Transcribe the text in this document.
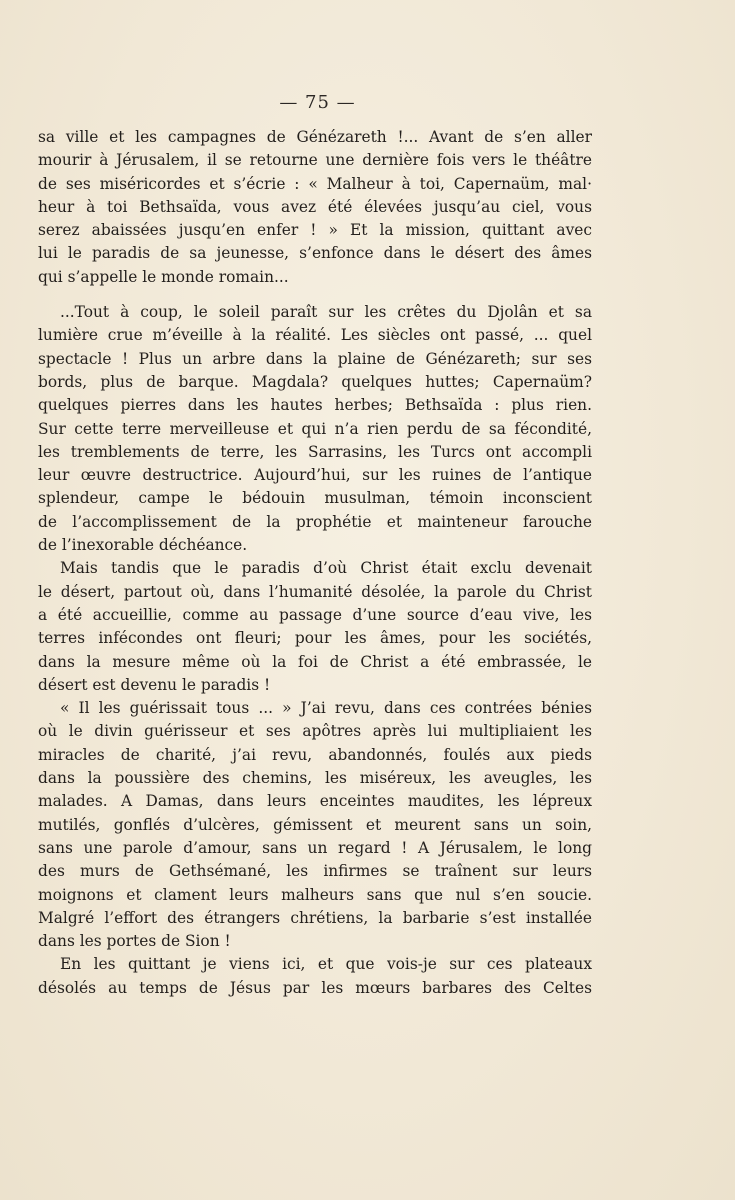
— 75 —
sa ville et les campagnes de Génézareth !... Avant de s’en aller
mourir à Jérusalem, il se retourne une dernière fois vers le théâtre
de ses miséricordes et s’écrie : « Malheur à toi, Capernaüm, mal·
heur à toi Bethsaïda, vous avez été élevées jusqu’au ciel, vous
serez abaissées jusqu’en enfer ! » Et la mission, quittant avec
lui le paradis de sa jeunesse, s’enfonce dans le désert des âmes
qui s’appelle le monde romain...
...Tout à coup, le soleil paraît sur les crêtes du Djolân et sa
lumière crue m’éveille à la réalité. Les siècles ont passé, ... quel
spectacle ! Plus un arbre dans la plaine de Génézareth; sur ses
bords, plus de barque. Magdala? quelques huttes; Capernaüm?
quelques pierres dans les hautes herbes; Bethsaïda : plus rien.
Sur cette terre merveilleuse et qui n’a rien perdu de sa fécondité,
les tremblements de terre, les Sarrasins, les Turcs ont accompli
leur œuvre destructrice. Aujourd’hui, sur les ruines de l’antique
splendeur, campe le bédouin musulman, témoin inconscient
de l’accomplissement de la prophétie et mainteneur farouche
de l’inexorable déchéance.
Mais tandis que le paradis d’où Christ était exclu devenait
le désert, partout où, dans l’humanité désolée, la parole du Christ
a été accueillie, comme au passage d’une source d’eau vive, les
terres infécondes ont fleuri; pour les âmes, pour les sociétés,
dans la mesure même où la foi de Christ a été embrassée, le
désert est devenu le paradis !
« Il les guérissait tous ... » J’ai revu, dans ces contrées bénies
où le divin guérisseur et ses apôtres après lui multipliaient les
miracles de charité, j’ai revu, abandonnés, foulés aux pieds
dans la poussière des chemins, les miséreux, les aveugles, les
malades. A Damas, dans leurs enceintes maudites, les lépreux
mutilés, gonflés d’ulcères, gémissent et meurent sans un soin,
sans une parole d’amour, sans un regard ! A Jérusalem, le long
des murs de Gethsémané, les infirmes se traînent sur leurs
moignons et clament leurs malheurs sans que nul s’en soucie.
Malgré l’effort des étrangers chrétiens, la barbarie s’est installée
dans les portes de Sion !
En les quittant je viens ici, et que vois-je sur ces plateaux
désolés au temps de Jésus par les mœurs barbares des Celtes
